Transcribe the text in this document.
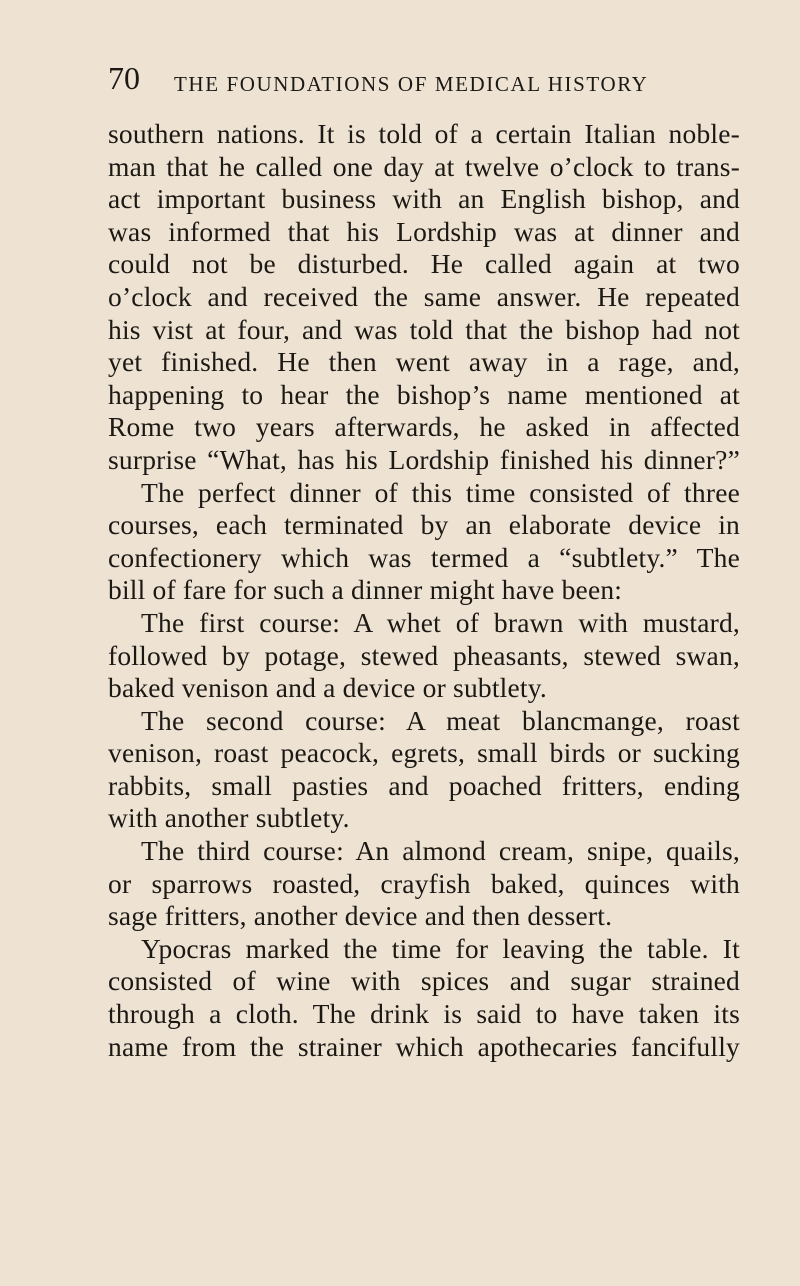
70 THE FOUNDATIONS OF MEDICAL HISTORY
southern nations. It is told of a certain Italian noble-
man that he called one day at twelve o’clock to trans-
act important business with an English bishop, and
was informed that his Lordship was at dinner and
could not be disturbed. He called again at two
o’clock and received the same answer. He repeated
his vist at four, and was told that the bishop had not
yet finished. He then went away in a rage, and,
happening to hear the bishop’s name mentioned at
Rome two years afterwards, he asked in affected
surprise “What, has his Lordship finished his dinner?”
The perfect dinner of this time consisted of three
courses, each terminated by an elaborate device in
confectionery which was termed a “subtlety.” The
bill of fare for such a dinner might have been:
The first course: A whet of brawn with mustard,
followed by potage, stewed pheasants, stewed swan,
baked venison and a device or subtlety.
The second course: A meat blancmange, roast
venison, roast peacock, egrets, small birds or sucking
rabbits, small pasties and poached fritters, ending
with another subtlety.
The third course: An almond cream, snipe, quails,
or sparrows roasted, crayfish baked, quinces with
sage fritters, another device and then dessert.
Ypocras marked the time for leaving the table. It
consisted of wine with spices and sugar strained
through a cloth. The drink is said to have taken its
name from the strainer which apothecaries fancifully
